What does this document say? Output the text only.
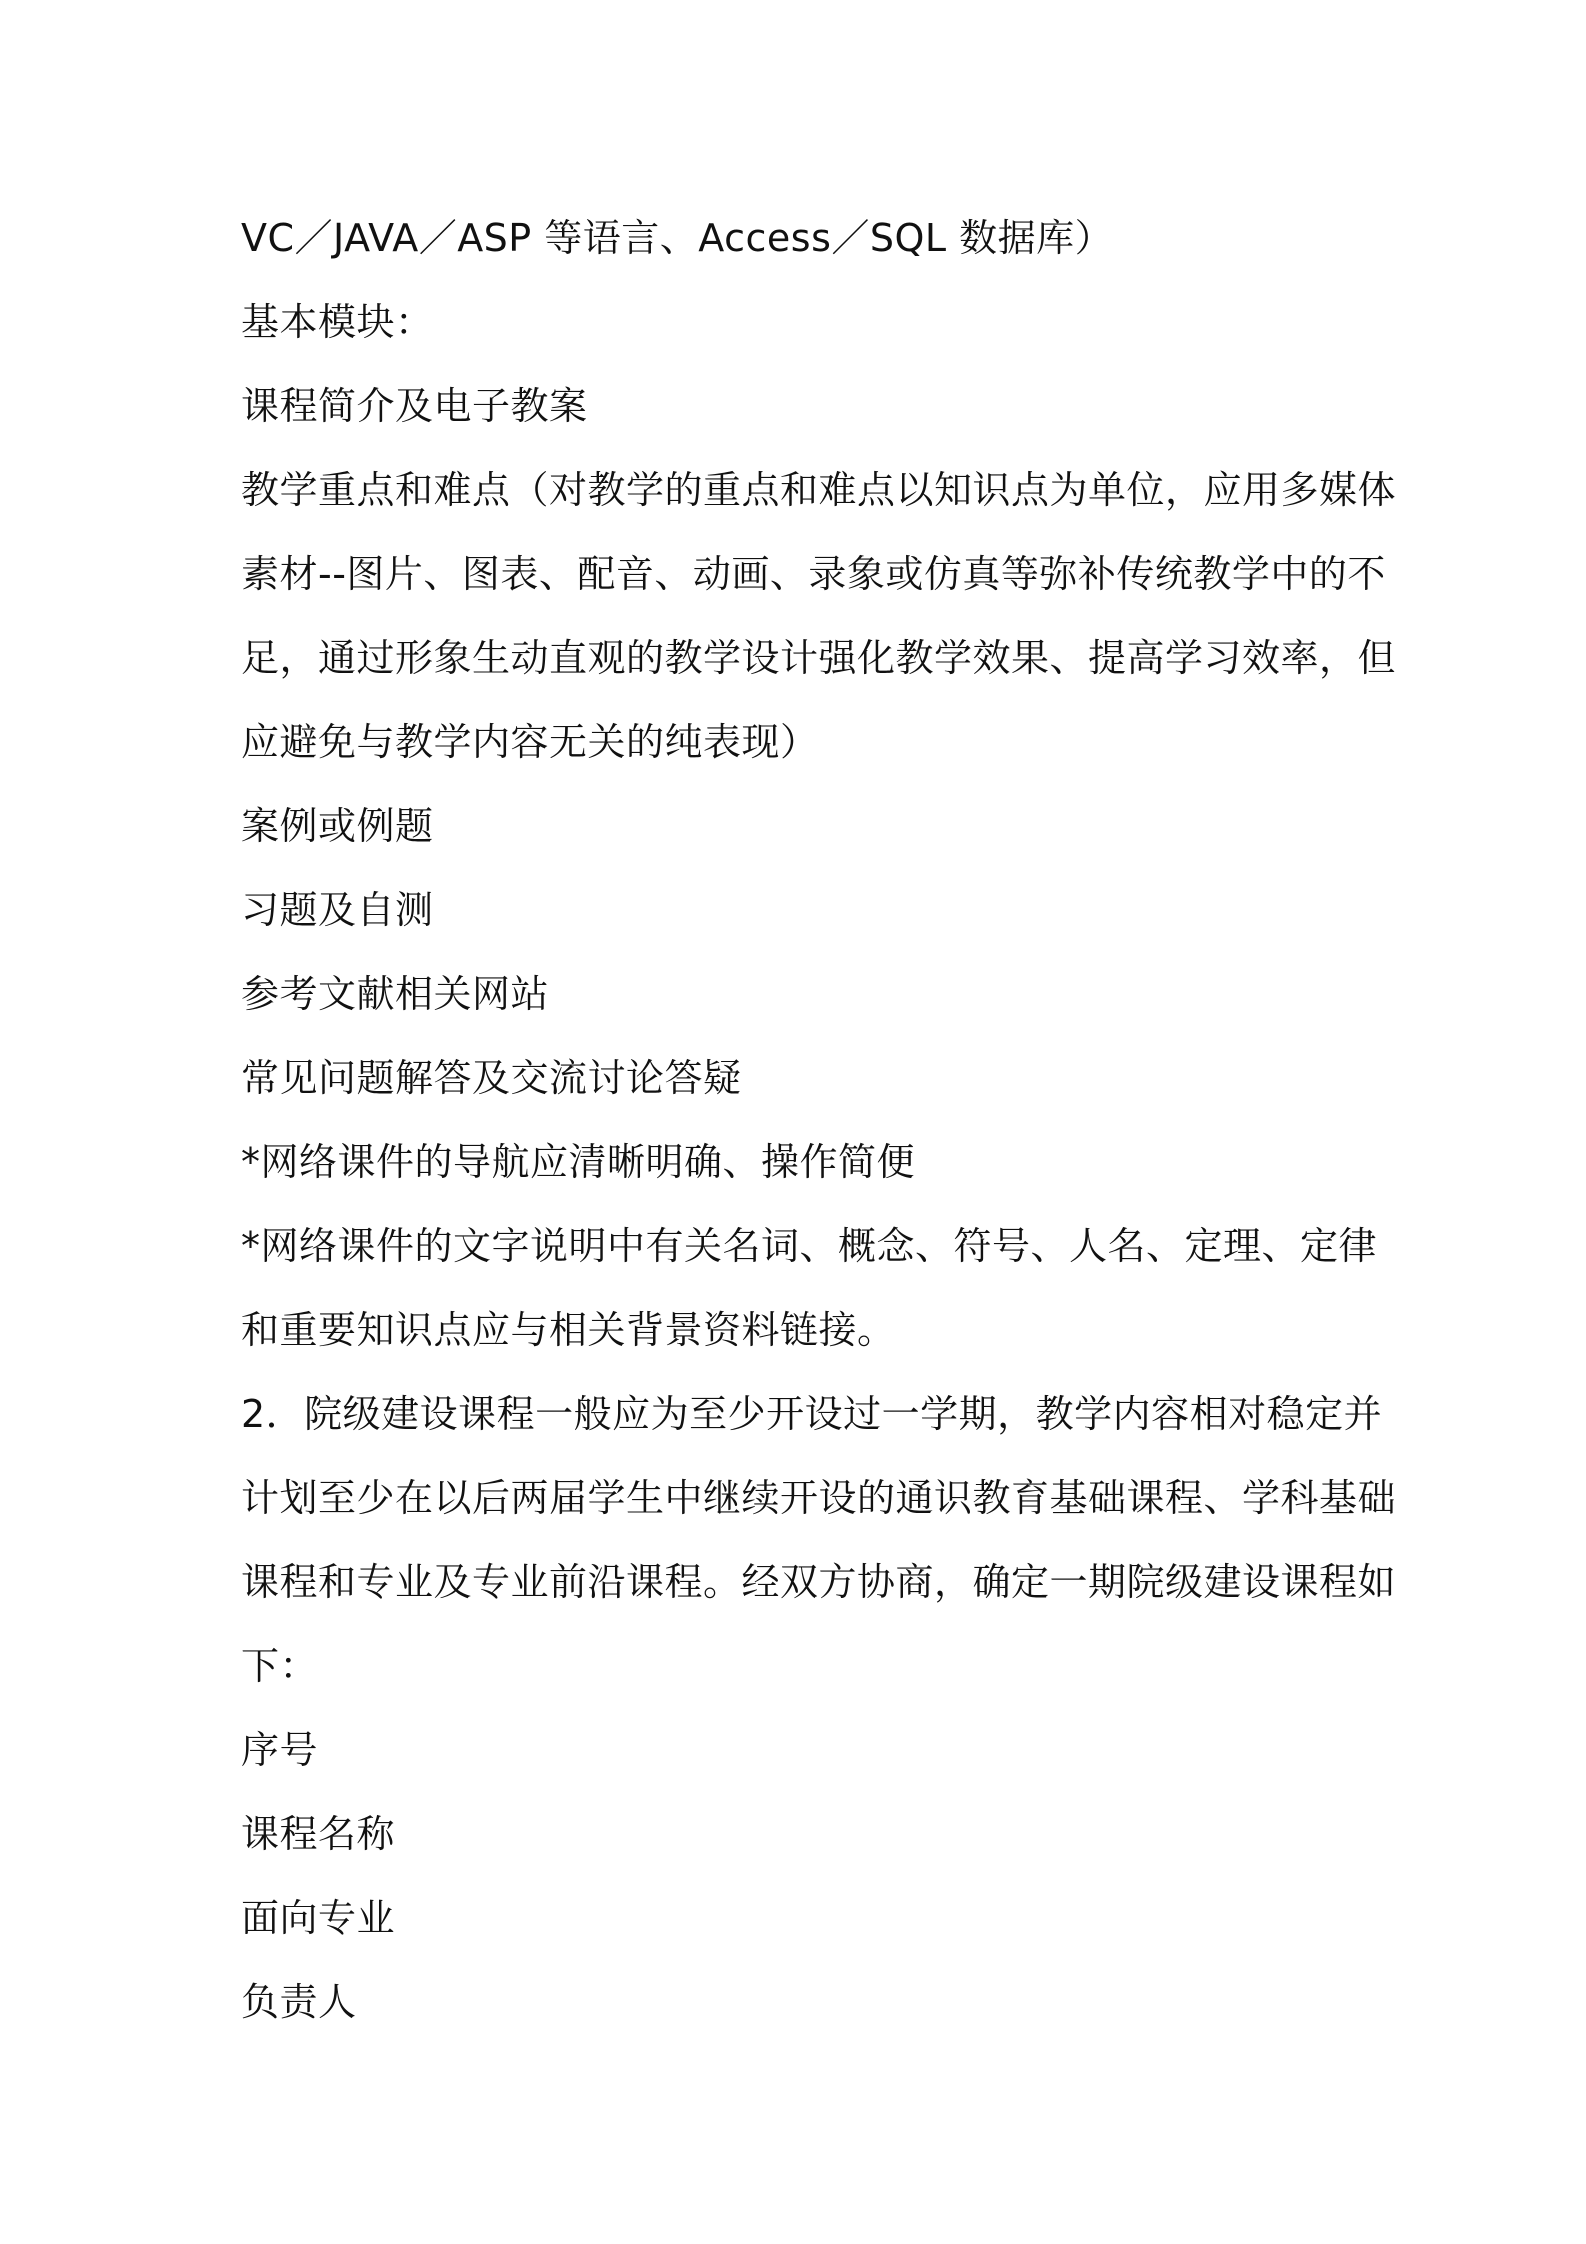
VC／JAVA／ASP 等语言、Access／SQL 数据库）
基本模块：
课程简介及电子教案
教学重点和难点（对教学的重点和难点以知识点为单位，应用多媒体
素材--图片、图表、配音、动画、录象或仿真等弥补传统教学中的不
足，通过形象生动直观的教学设计强化教学效果、提高学习效率，但
应避免与教学内容无关的纯表现）
案例或例题
习题及自测
参考文献相关网站
常见问题解答及交流讨论答疑
*网络课件的导航应清晰明确、操作简便
*网络课件的文字说明中有关名词、概念、符号、人名、定理、定律
和重要知识点应与相关背景资料链接。
2．院级建设课程一般应为至少开设过一学期，教学内容相对稳定并
计划至少在以后两届学生中继续开设的通识教育基础课程、学科基础
课程和专业及专业前沿课程。经双方协商，确定一期院级建设课程如
下：
序号
课程名称
面向专业
负责人
